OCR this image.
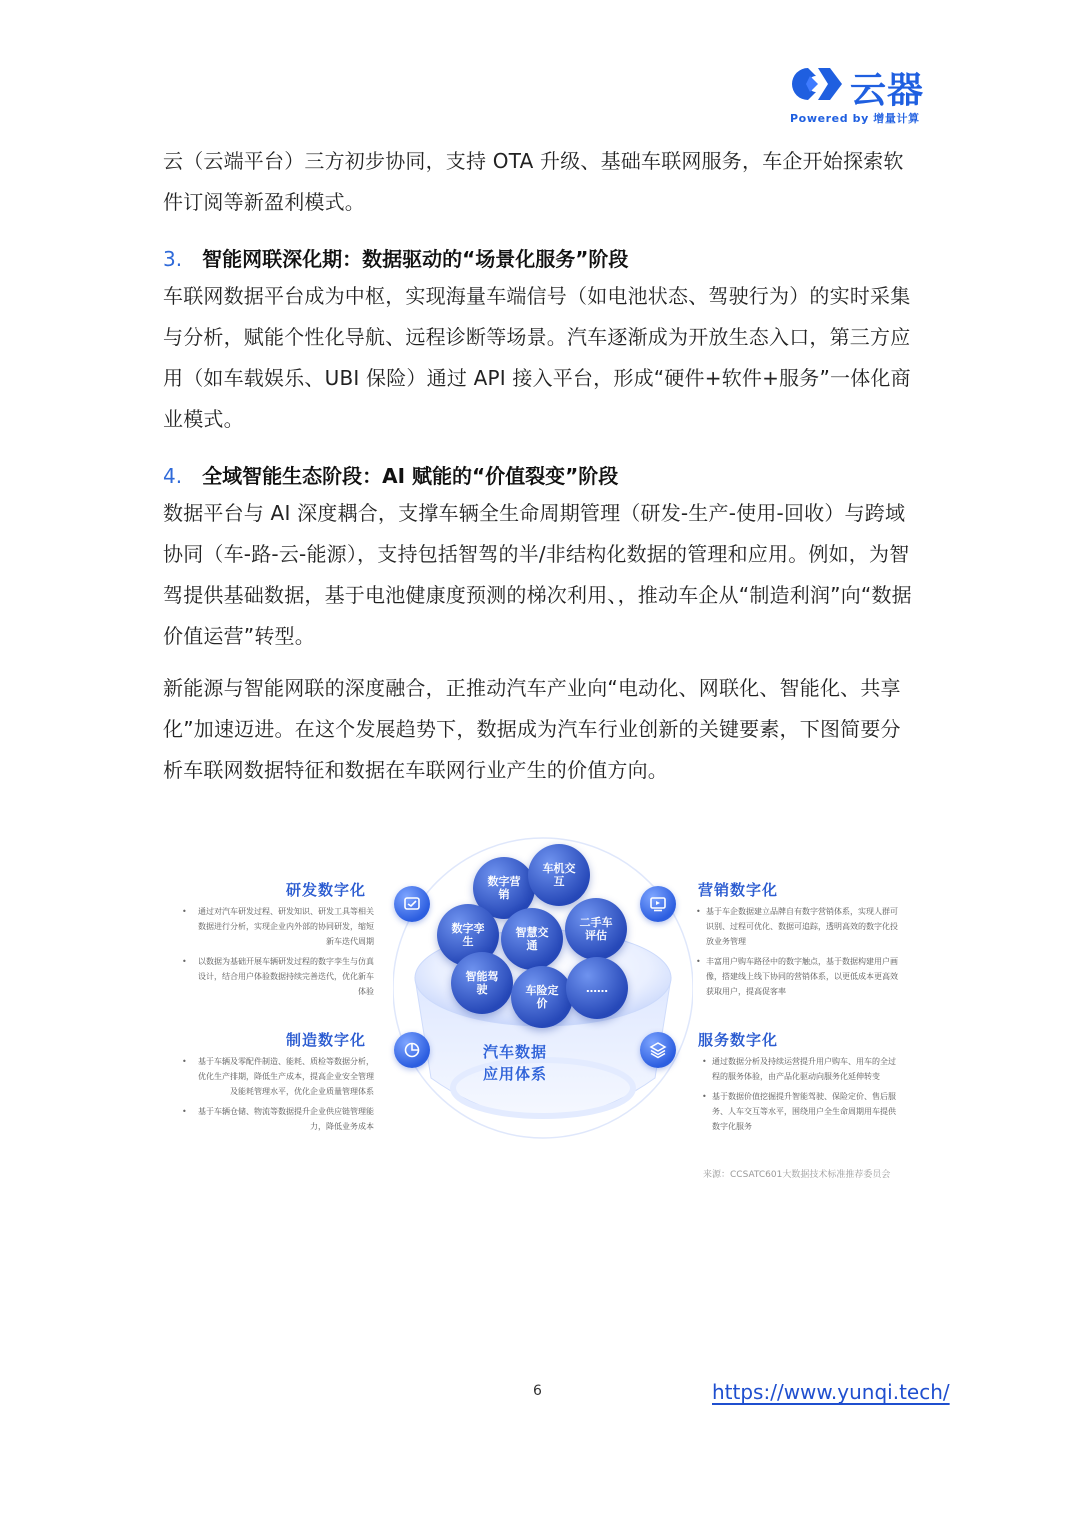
云器
Powered by 增量计算

云（云端平台）三方初步协同，支持 OTA 升级、基础车联网服务，车企开始探索软件订阅等新盈利模式。

3. 智能网联深化期：数据驱动的“场景化服务”阶段

车联网数据平台成为中枢，实现海量车端信号（如电池状态、驾驶行为）的实时采集与分析，赋能个性化导航、远程诊断等场景。汽车逐渐成为开放生态入口，第三方应用（如车载娱乐、UBI 保险）通过 API 接入平台，形成“硬件+软件+服务”一体化商业模式。

4. 全域智能生态阶段：AI 赋能的“价值裂变”阶段

数据平台与 AI 深度耦合，支撑车辆全生命周期管理（研发-生产-使用-回收）与跨域协同（车-路-云-能源），支持包括智驾的半/非结构化数据的管理和应用。例如，为智驾提供基础数据，基于电池健康度预测的梯次利用、，推动车企从“制造利润”向“数据价值运营”转型。

新能源与智能网联的深度融合，正推动汽车产业向“电动化、网联化、智能化、共享化”加速迈进。在这个发展趋势下，数据成为汽车行业创新的关键要素，下图简要分析车联网数据特征和数据在车联网行业产生的价值方向。

数字营销
车机交互
数字孪生
智慧交通
二手车评估
智能驾驶	车险定价
……
汽车数据
应用体系
研发数字化
• 通过对汽车研发过程、研发知识、研发工具等相关数据进行分析，实现企业内外部的协同研发，缩短新车迭代周期
• 以数据为基础开展车辆研发过程的数字孪生与仿真设计，结合用户体验数据持续完善迭代，优化新车体验
制造数字化
• 基于车辆及零配件制造、能耗、质检等数据分析，优化生产排期，降低生产成本，提高企业安全管理及能耗管理水平，优化企业质量管理体系
• 基于车辆仓储、物流等数据提升企业供应链管理能力，降低业务成本
营销数字化
• 基于车企数据建立品牌自有数字营销体系，实现人群可识别、过程可优化、数据可追踪，透明高效的数字化投放业务管理
• 丰富用户购车路径中的数字触点，基于数据构建用户画像，搭建线上线下协同的营销体系，以更低成本更高效获取用户，提高促客率
服务数字化
• 通过数据分析及持续运营提升用户购车、用车的全过程的服务体验，由产品化驱动向服务化延伸转变
• 基于数据价值挖掘提升智能驾驶、保险定价、售后服务、人车交互等水平，围绕用户全生命周期用车提供数字化服务
来源：CCSATC601大数据技术标准推荐委员会
6	https://www.yunqi.tech/
